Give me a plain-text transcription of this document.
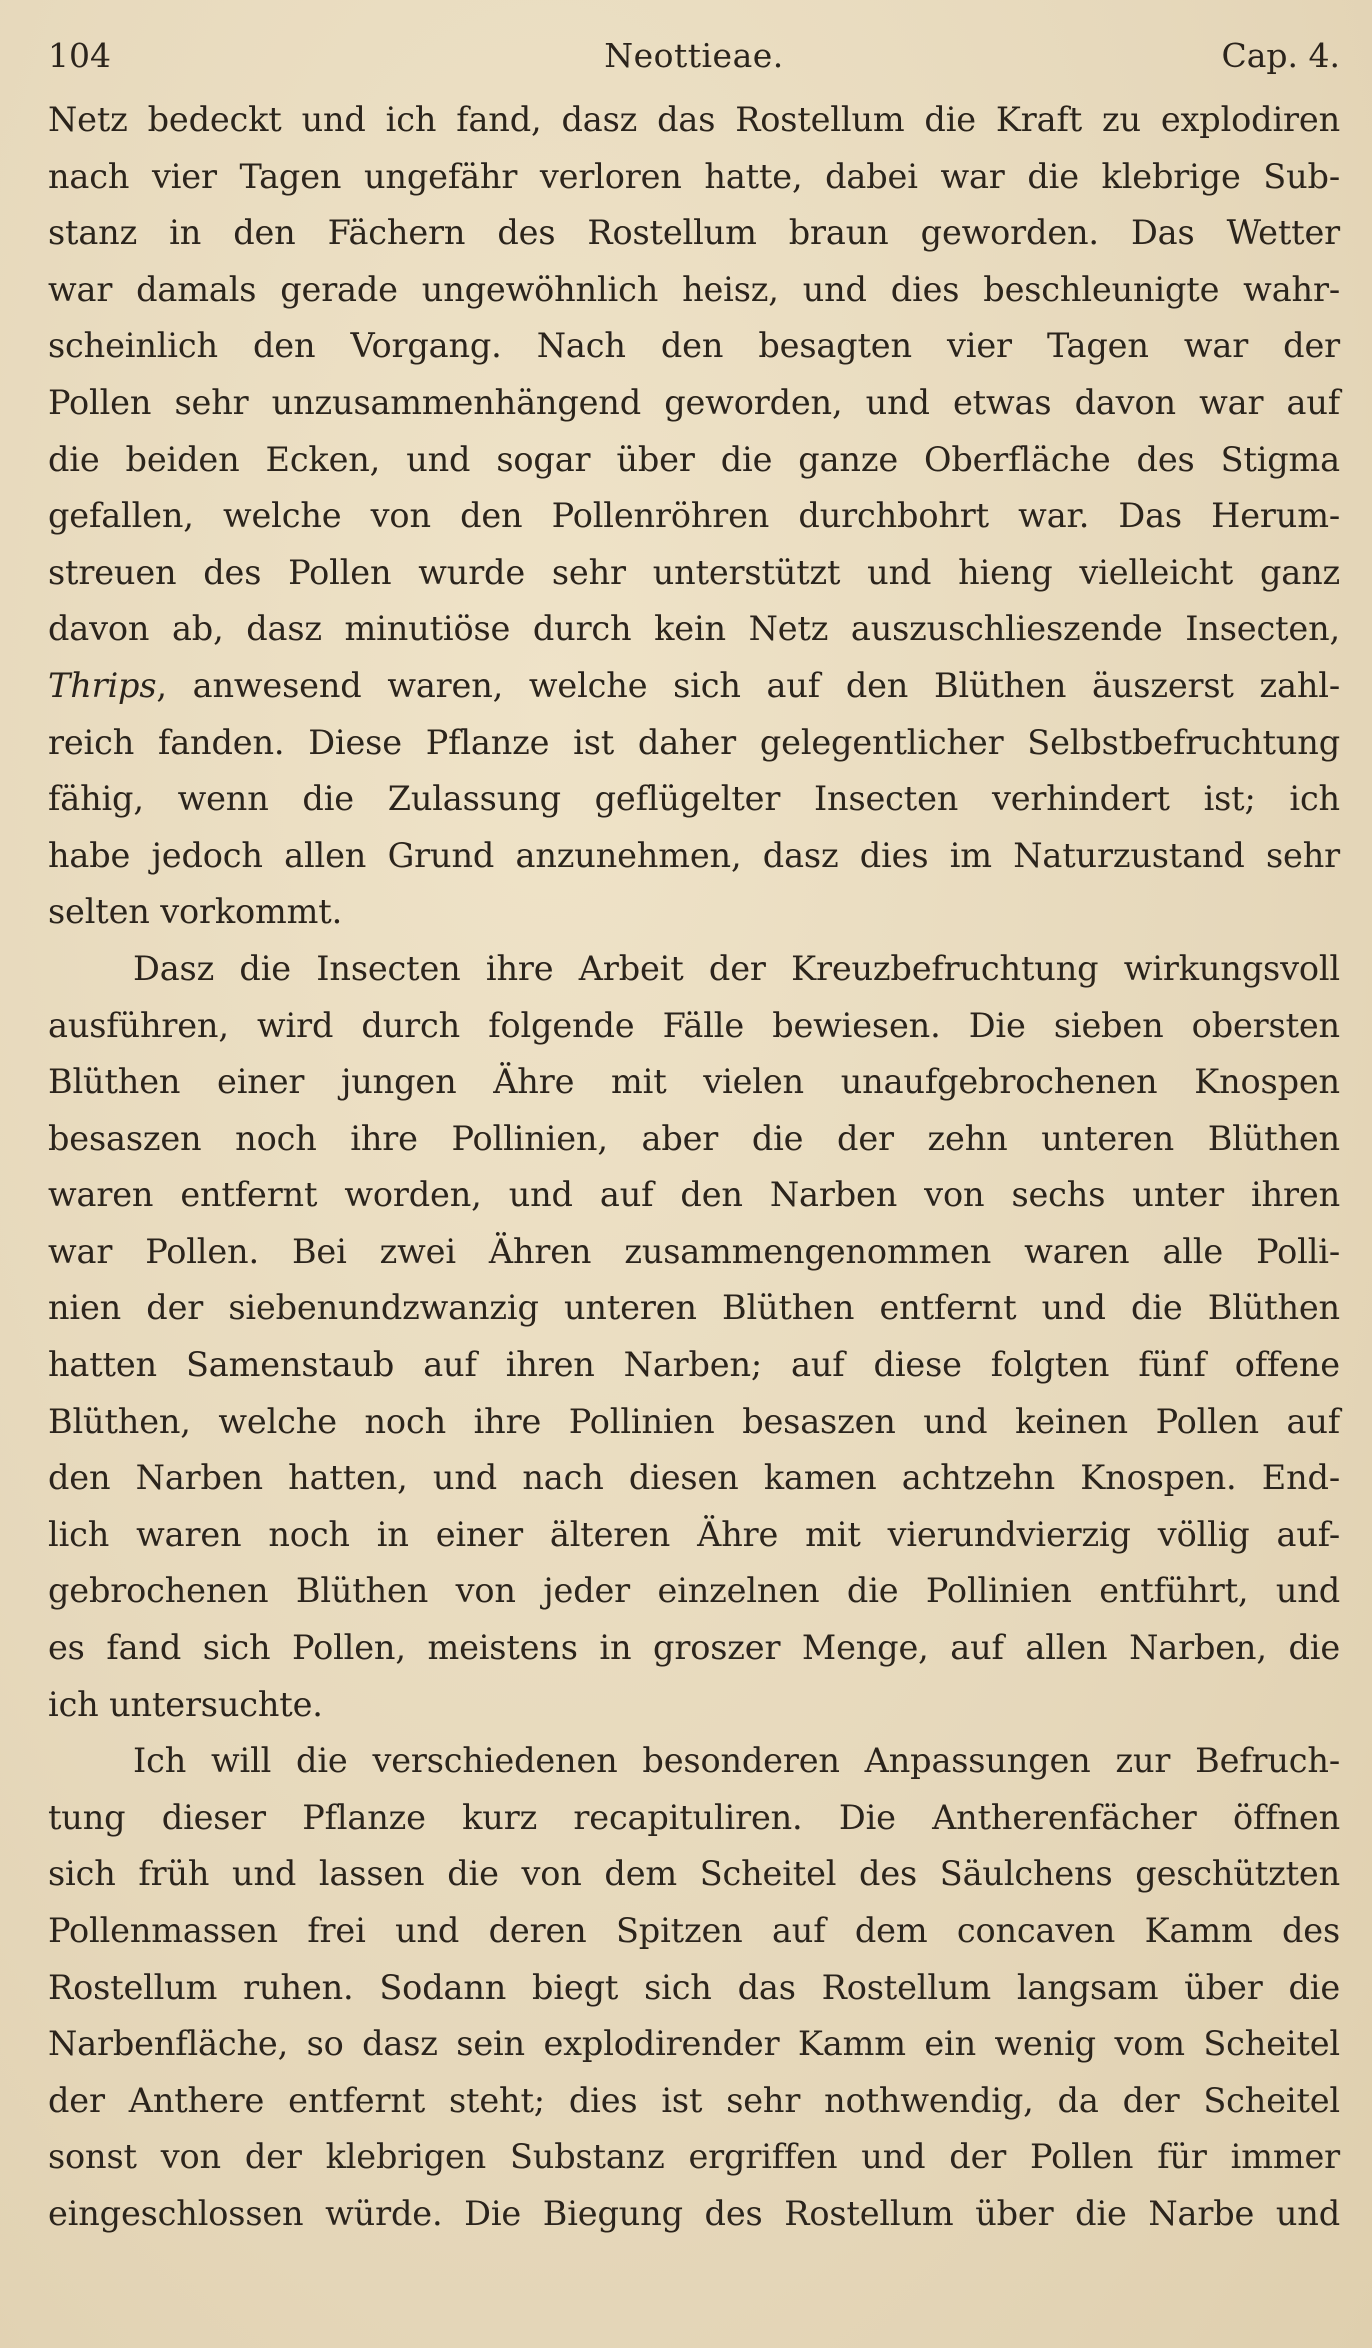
104	Neottieae.	Cap. 4.
Netz bedeckt und ich fand, dasz das Rostellum die Kraft zu explodiren
nach vier Tagen ungefähr verloren hatte, dabei war die klebrige Sub-
stanz in den Fächern des Rostellum braun geworden. Das Wetter
war damals gerade ungewöhnlich heisz, und dies beschleunigte wahr-
scheinlich den Vorgang. Nach den besagten vier Tagen war der
Pollen sehr unzusammenhängend geworden, und etwas davon war auf
die beiden Ecken, und sogar über die ganze Oberfläche des Stigma
gefallen, welche von den Pollenröhren durchbohrt war. Das Herum-
streuen des Pollen wurde sehr unterstützt und hieng vielleicht ganz
davon ab, dasz minutiöse durch kein Netz auszuschlieszende Insecten,
Thrips, anwesend waren, welche sich auf den Blüthen äuszerst zahl-
reich fanden. Diese Pflanze ist daher gelegentlicher Selbstbefruchtung
fähig, wenn die Zulassung geflügelter Insecten verhindert ist; ich
habe jedoch allen Grund anzunehmen, dasz dies im Naturzustand sehr
selten vorkommt.
Dasz die Insecten ihre Arbeit der Kreuzbefruchtung wirkungsvoll
ausführen, wird durch folgende Fälle bewiesen. Die sieben obersten
Blüthen einer jungen Ähre mit vielen unaufgebrochenen Knospen
besaszen noch ihre Pollinien, aber die der zehn unteren Blüthen
waren entfernt worden, und auf den Narben von sechs unter ihren
war Pollen. Bei zwei Ähren zusammengenommen waren alle Polli-
nien der siebenundzwanzig unteren Blüthen entfernt und die Blüthen
hatten Samenstaub auf ihren Narben; auf diese folgten fünf offene
Blüthen, welche noch ihre Pollinien besaszen und keinen Pollen auf
den Narben hatten, und nach diesen kamen achtzehn Knospen. End-
lich waren noch in einer älteren Ähre mit vierundvierzig völlig auf-
gebrochenen Blüthen von jeder einzelnen die Pollinien entführt, und
es fand sich Pollen, meistens in groszer Menge, auf allen Narben, die
ich untersuchte.
Ich will die verschiedenen besonderen Anpassungen zur Befruch-
tung dieser Pflanze kurz recapituliren. Die Antherenfächer öffnen
sich früh und lassen die von dem Scheitel des Säulchens geschützten
Pollenmassen frei und deren Spitzen auf dem concaven Kamm des
Rostellum ruhen. Sodann biegt sich das Rostellum langsam über die
Narbenfläche, so dasz sein explodirender Kamm ein wenig vom Scheitel
der Anthere entfernt steht; dies ist sehr nothwendig, da der Scheitel
sonst von der klebrigen Substanz ergriffen und der Pollen für immer
eingeschlossen würde. Die Biegung des Rostellum über die Narbe und
